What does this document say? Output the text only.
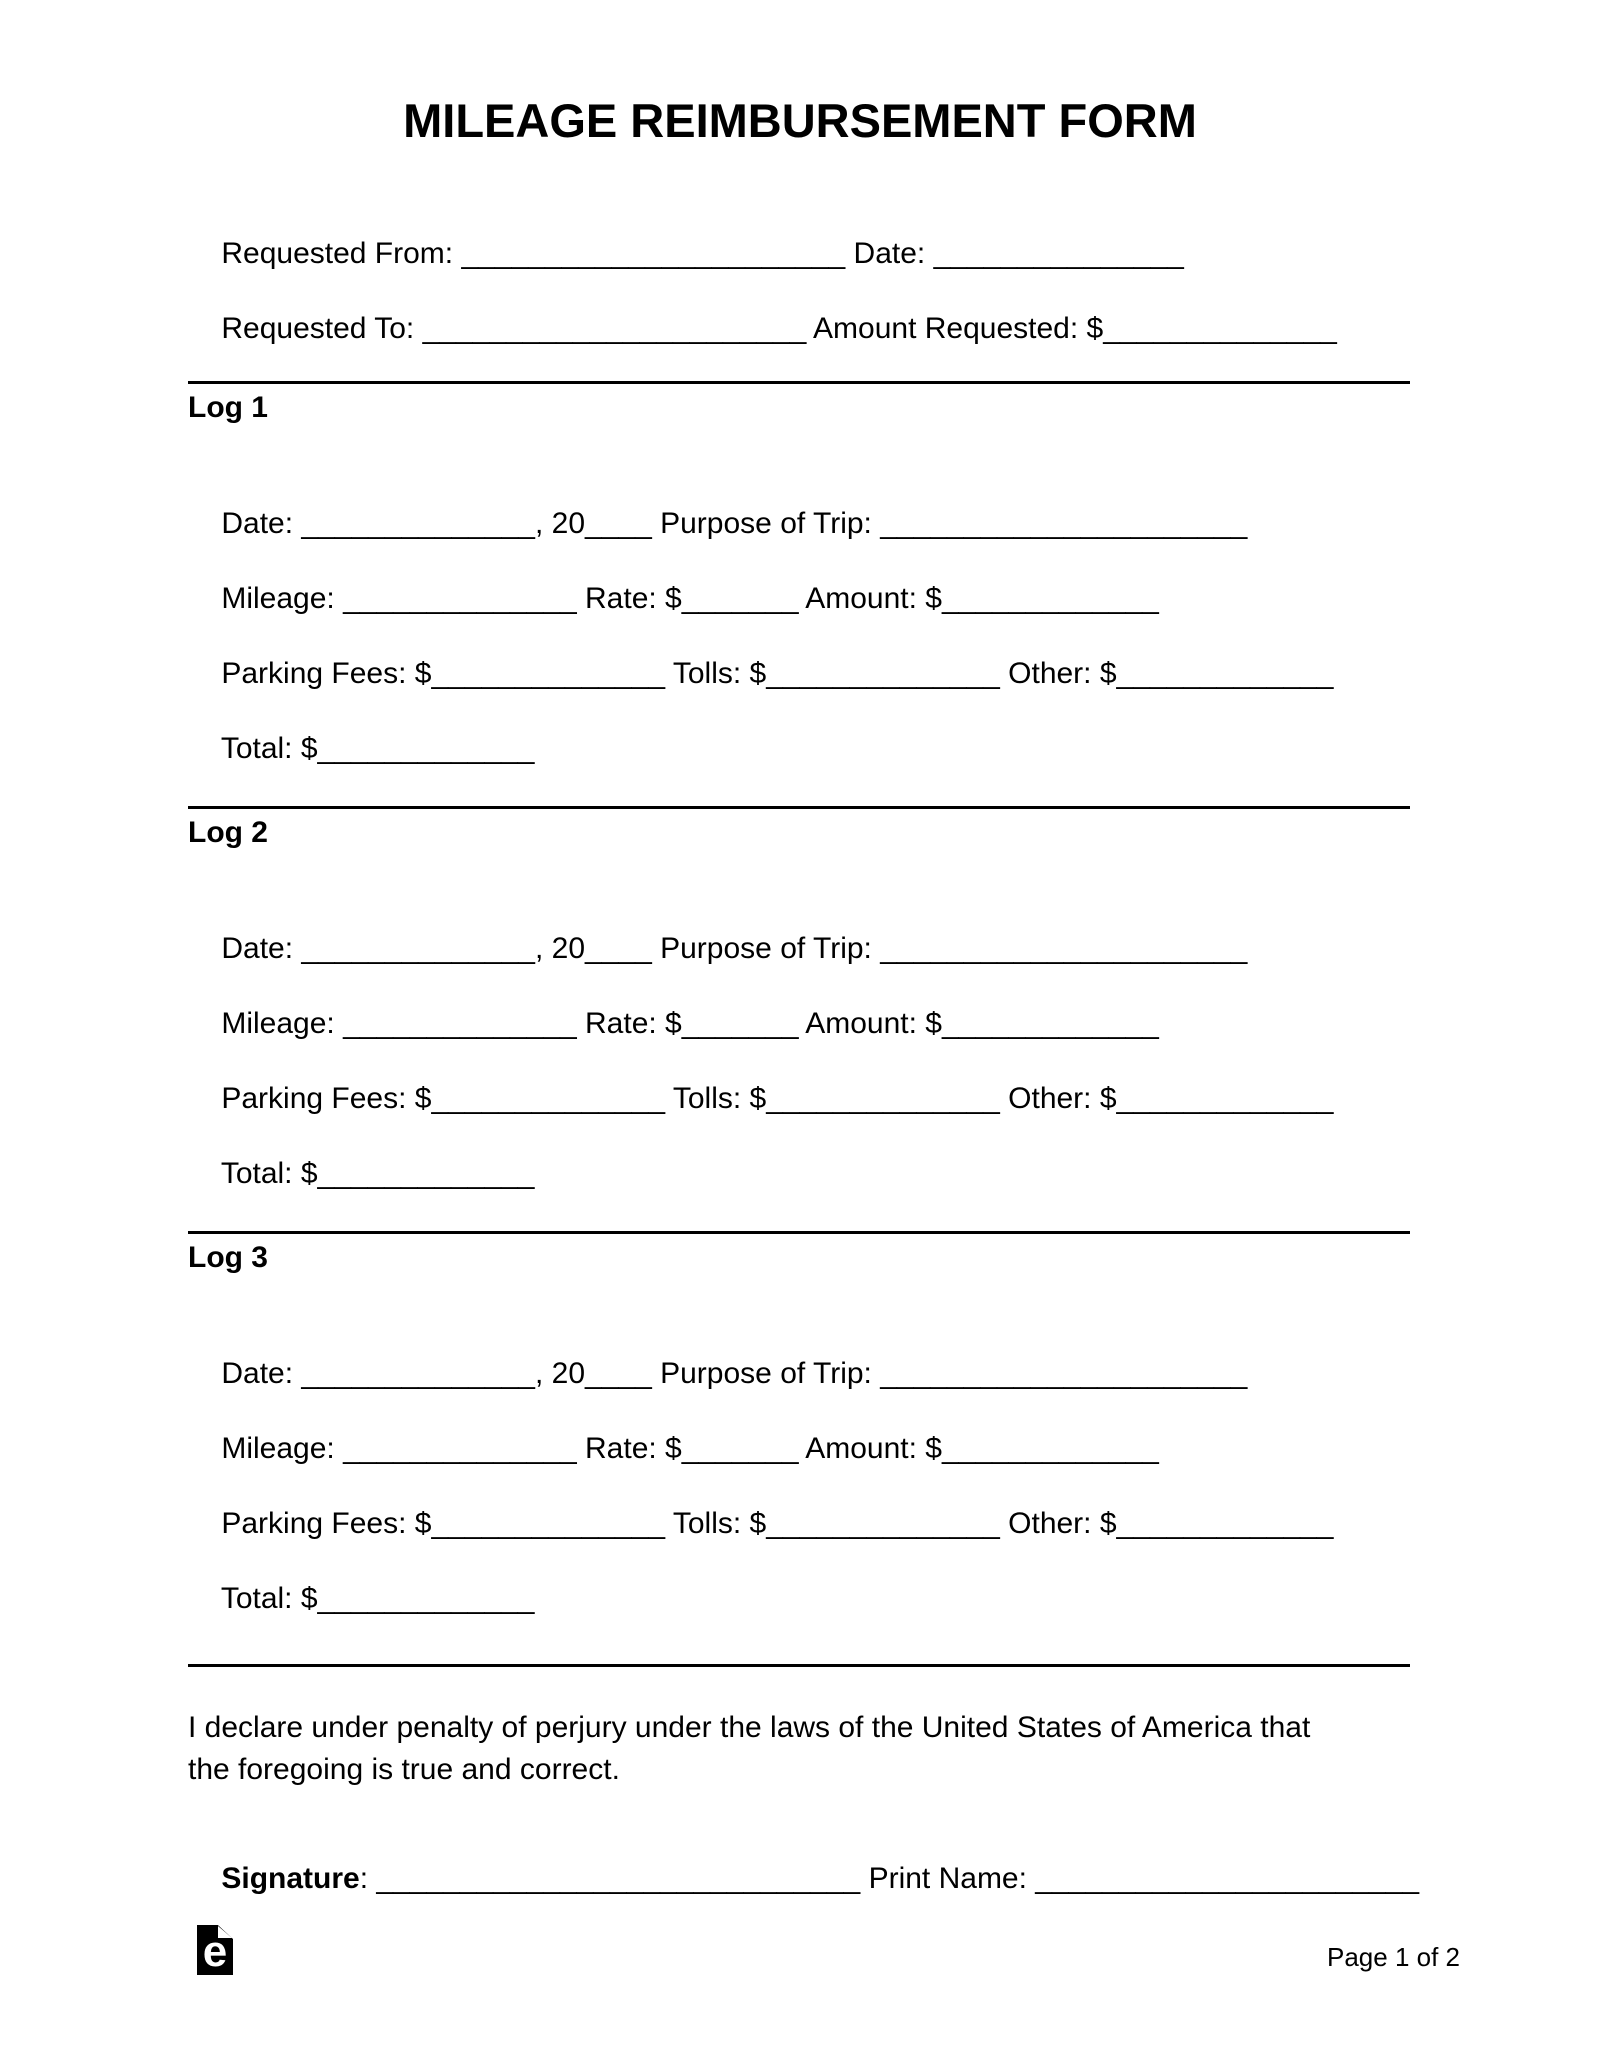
MILEAGE REIMBURSEMENT FORM

Requested From: _______________________ Date: _______________

Requested To: _______________________ Amount Requested: $______________

Log 1

Date: ______________, 20____ Purpose of Trip: ______________________

Mileage: ______________ Rate: $_______ Amount: $_____________

Parking Fees: $______________ Tolls: $______________ Other: $_____________

Total: $_____________

Log 2

Date: ______________, 20____ Purpose of Trip: ______________________

Mileage: ______________ Rate: $_______ Amount: $_____________

Parking Fees: $______________ Tolls: $______________ Other: $_____________

Total: $_____________

Log 3

Date: ______________, 20____ Purpose of Trip: ______________________

Mileage: ______________ Rate: $_______ Amount: $_____________

Parking Fees: $______________ Tolls: $______________ Other: $_____________

Total: $_____________

I declare under penalty of perjury under the laws of the United States of America that
the foregoing is true and correct.

Signature: _____________________________ Print Name: _______________________

e	Page 1 of 2
